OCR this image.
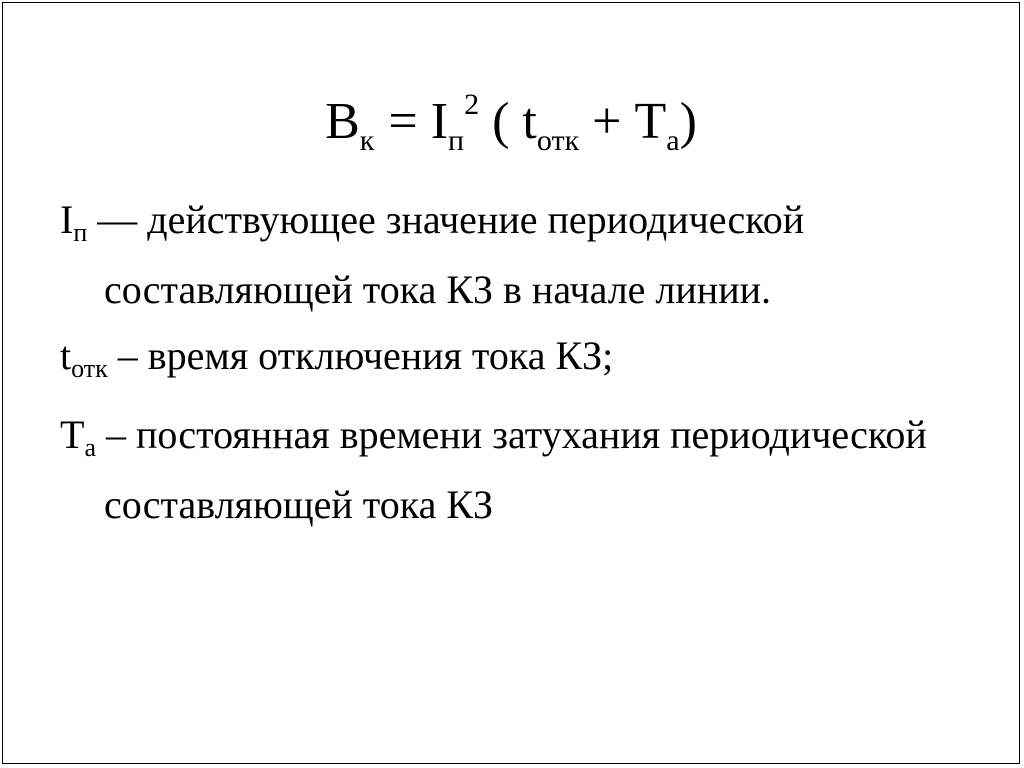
$B_к = I_п^2$ ( $t_{отк} + T_a$)

$I_п$ — действующее значение периодической составляющей тока КЗ в начале линии.

$t_{отк}$ – время отключения тока КЗ;

$T_a$ – постоянная времени затухания периодической составляющей тока КЗ
